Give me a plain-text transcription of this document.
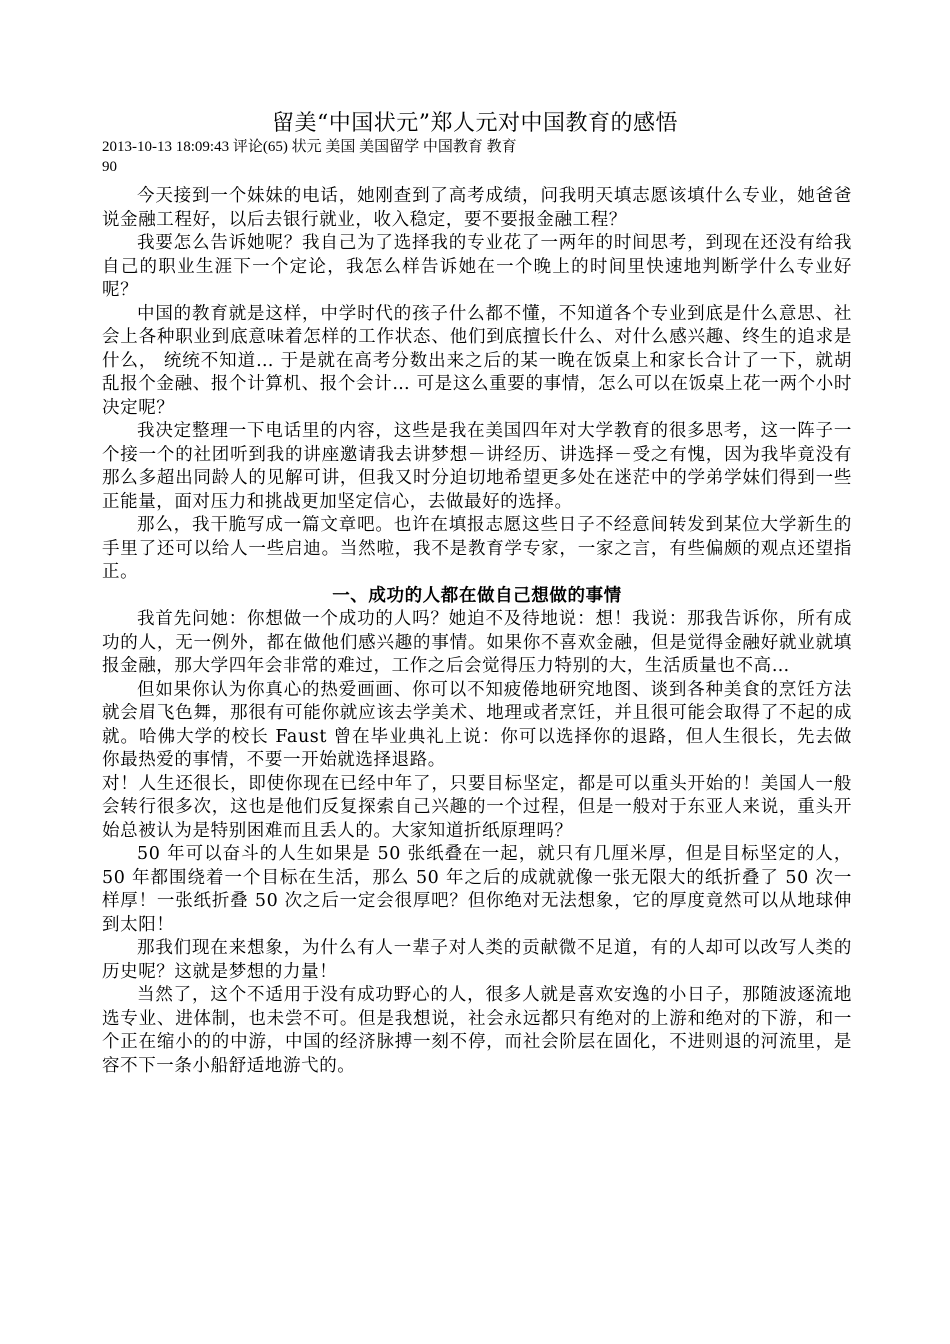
留美“中国状元”郑人元对中国教育的感悟
2013-10-13 18:09:43 评论(65) 状元 美国 美国留学 中国教育 教育
90

今天接到一个妹妹的电话，她刚查到了高考成绩，问我明天填志愿该填什么专业，她爸爸说金融工程好，以后去银行就业，收入稳定，要不要报金融工程？

我要怎么告诉她呢？我自己为了选择我的专业花了一两年的时间思考，到现在还没有给我自己的职业生涯下一个定论，我怎么样告诉她在一个晚上的时间里快速地判断学什么专业好呢？

中国的教育就是这样，中学时代的孩子什么都不懂，不知道各个专业到底是什么意思、社会上各种职业到底意味着怎样的工作状态、他们到底擅长什么、对什么感兴趣、终生的追求是什么， 统统不知道… 于是就在高考分数出来之后的某一晚在饭桌上和家长合计了一下，就胡乱报个金融、报个计算机、报个会计… 可是这么重要的事情，怎么可以在饭桌上花一两个小时决定呢？

我决定整理一下电话里的内容，这些是我在美国四年对大学教育的很多思考，这一阵子一个接一个的社团听到我的讲座邀请我去讲梦想－讲经历、讲选择－受之有愧，因为我毕竟没有那么多超出同龄人的见解可讲，但我又时分迫切地希望更多处在迷茫中的学弟学妹们得到一些正能量，面对压力和挑战更加坚定信心，去做最好的选择。

那么，我干脆写成一篇文章吧。也许在填报志愿这些日子不经意间转发到某位大学新生的手里了还可以给人一些启迪。当然啦，我不是教育学专家，一家之言，有些偏颇的观点还望指正。

一、成功的人都在做自己想做的事情

我首先问她：你想做一个成功的人吗？她迫不及待地说：想！我说：那我告诉你，所有成功的人，无一例外，都在做他们感兴趣的事情。如果你不喜欢金融，但是觉得金融好就业就填报金融，那大学四年会非常的难过，工作之后会觉得压力特别的大，生活质量也不高…

但如果你认为你真心的热爱画画、你可以不知疲倦地研究地图、谈到各种美食的烹饪方法就会眉飞色舞，那很有可能你就应该去学美术、地理或者烹饪，并且很可能会取得了不起的成就。哈佛大学的校长 Faust 曾在毕业典礼上说：你可以选择你的退路，但人生很长，先去做你最热爱的事情，不要一开始就选择退路。

对！人生还很长，即使你现在已经中年了，只要目标坚定，都是可以重头开始的！美国人一般会转行很多次，这也是他们反复探索自己兴趣的一个过程，但是一般对于东亚人来说，重头开始总被认为是特别困难而且丢人的。大家知道折纸原理吗？

50 年可以奋斗的人生如果是 50 张纸叠在一起，就只有几厘米厚，但是目标坚定的人，50 年都围绕着一个目标在生活，那么 50 年之后的成就就像一张无限大的纸折叠了 50 次一样厚！一张纸折叠 50 次之后一定会很厚吧？但你绝对无法想象，它的厚度竟然可以从地球伸到太阳！

那我们现在来想象，为什么有人一辈子对人类的贡献微不足道，有的人却可以改写人类的历史呢？这就是梦想的力量！

当然了，这个不适用于没有成功野心的人，很多人就是喜欢安逸的小日子，那随波逐流地选专业、进体制，也未尝不可。但是我想说，社会永远都只有绝对的上游和绝对的下游，和一个正在缩小的的中游，中国的经济脉搏一刻不停，而社会阶层在固化，不进则退的河流里，是容不下一条小船舒适地游弋的。
